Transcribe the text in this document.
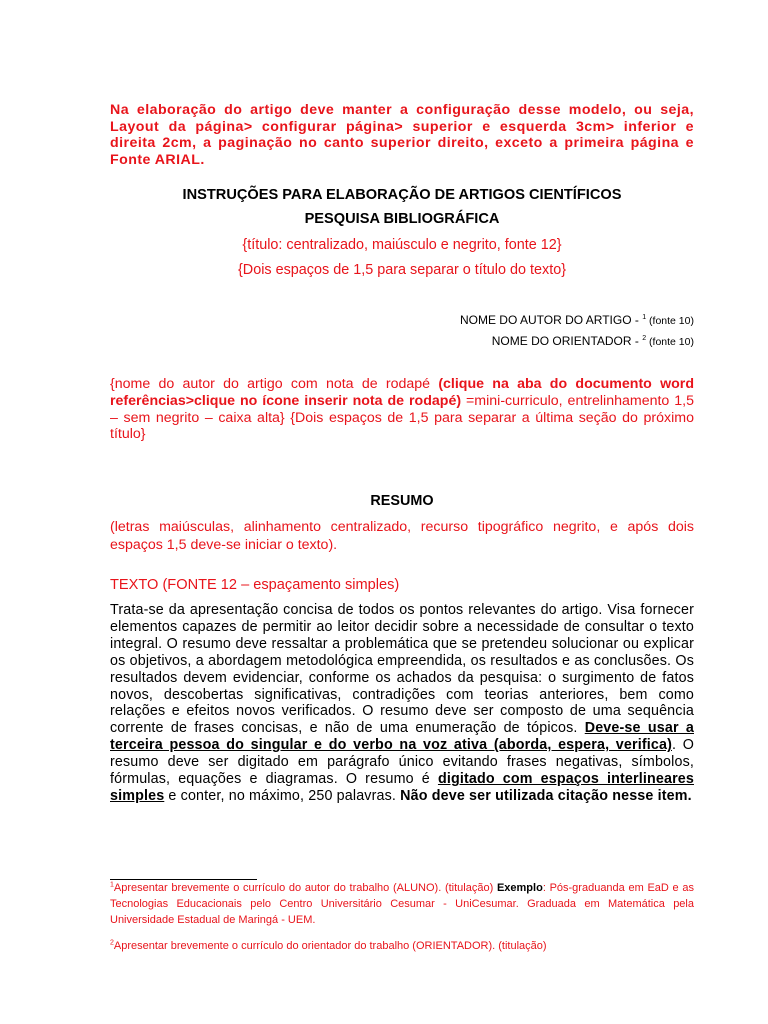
Na elaboração do artigo deve manter a configuração desse modelo, ou seja, Layout da página> configurar página> superior e esquerda 3cm> inferior e direita 2cm, a paginação no canto superior direito, exceto a primeira página e Fonte ARIAL.
INSTRUÇÕES PARA ELABORAÇÃO DE ARTIGOS CIENTÍFICOS
PESQUISA BIBLIOGRÁFICA
{título: centralizado, maiúsculo e negrito, fonte 12}
{Dois espaços de 1,5 para separar o título do texto}
NOME DO AUTOR DO ARTIGO - $^1$ (fonte 10)
NOME DO ORIENTADOR - $^2$ (fonte 10)
{nome do autor do artigo com nota de rodapé (clique na aba do documento word referências>clique no ícone inserir nota de rodapé) =mini-curriculo, entrelinhamento 1,5 – sem negrito – caixa alta} {Dois espaços de 1,5 para separar a última seção do próximo título}
RESUMO
(letras maiúsculas, alinhamento centralizado, recurso tipográfico negrito, e após dois espaços 1,5 deve-se iniciar o texto).
TEXTO (FONTE 12 – espaçamento simples)
Trata-se da apresentação concisa de todos os pontos relevantes do artigo. Visa fornecer elementos capazes de permitir ao leitor decidir sobre a necessidade de consultar o texto integral. O resumo deve ressaltar a problemática que se pretendeu solucionar ou explicar os objetivos, a abordagem metodológica empreendida, os resultados e as conclusões. Os resultados devem evidenciar, conforme os achados da pesquisa: o surgimento de fatos novos, descobertas significativas, contradições com teorias anteriores, bem como relações e efeitos novos verificados. O resumo deve ser composto de uma sequência corrente de frases concisas, e não de uma enumeração de tópicos. Deve-se usar a terceira pessoa do singular e do verbo na voz ativa (aborda, espera, verifica). O resumo deve ser digitado em parágrafo único evitando frases negativas, símbolos, fórmulas, equações e diagramas. O resumo é digitado com espaços interlineares simples e conter, no máximo, 250 palavras. Não deve ser utilizada citação nesse item.
$^1$Apresentar brevemente o currículo do autor do trabalho (ALUNO). (titulação) Exemplo: Pós-graduanda em EaD e as Tecnologias Educacionais pelo Centro Universitário Cesumar - UniCesumar. Graduada em Matemática pela Universidade Estadual de Maringá - UEM.
$^2$Apresentar brevemente o currículo do orientador do trabalho (ORIENTADOR). (titulação)
